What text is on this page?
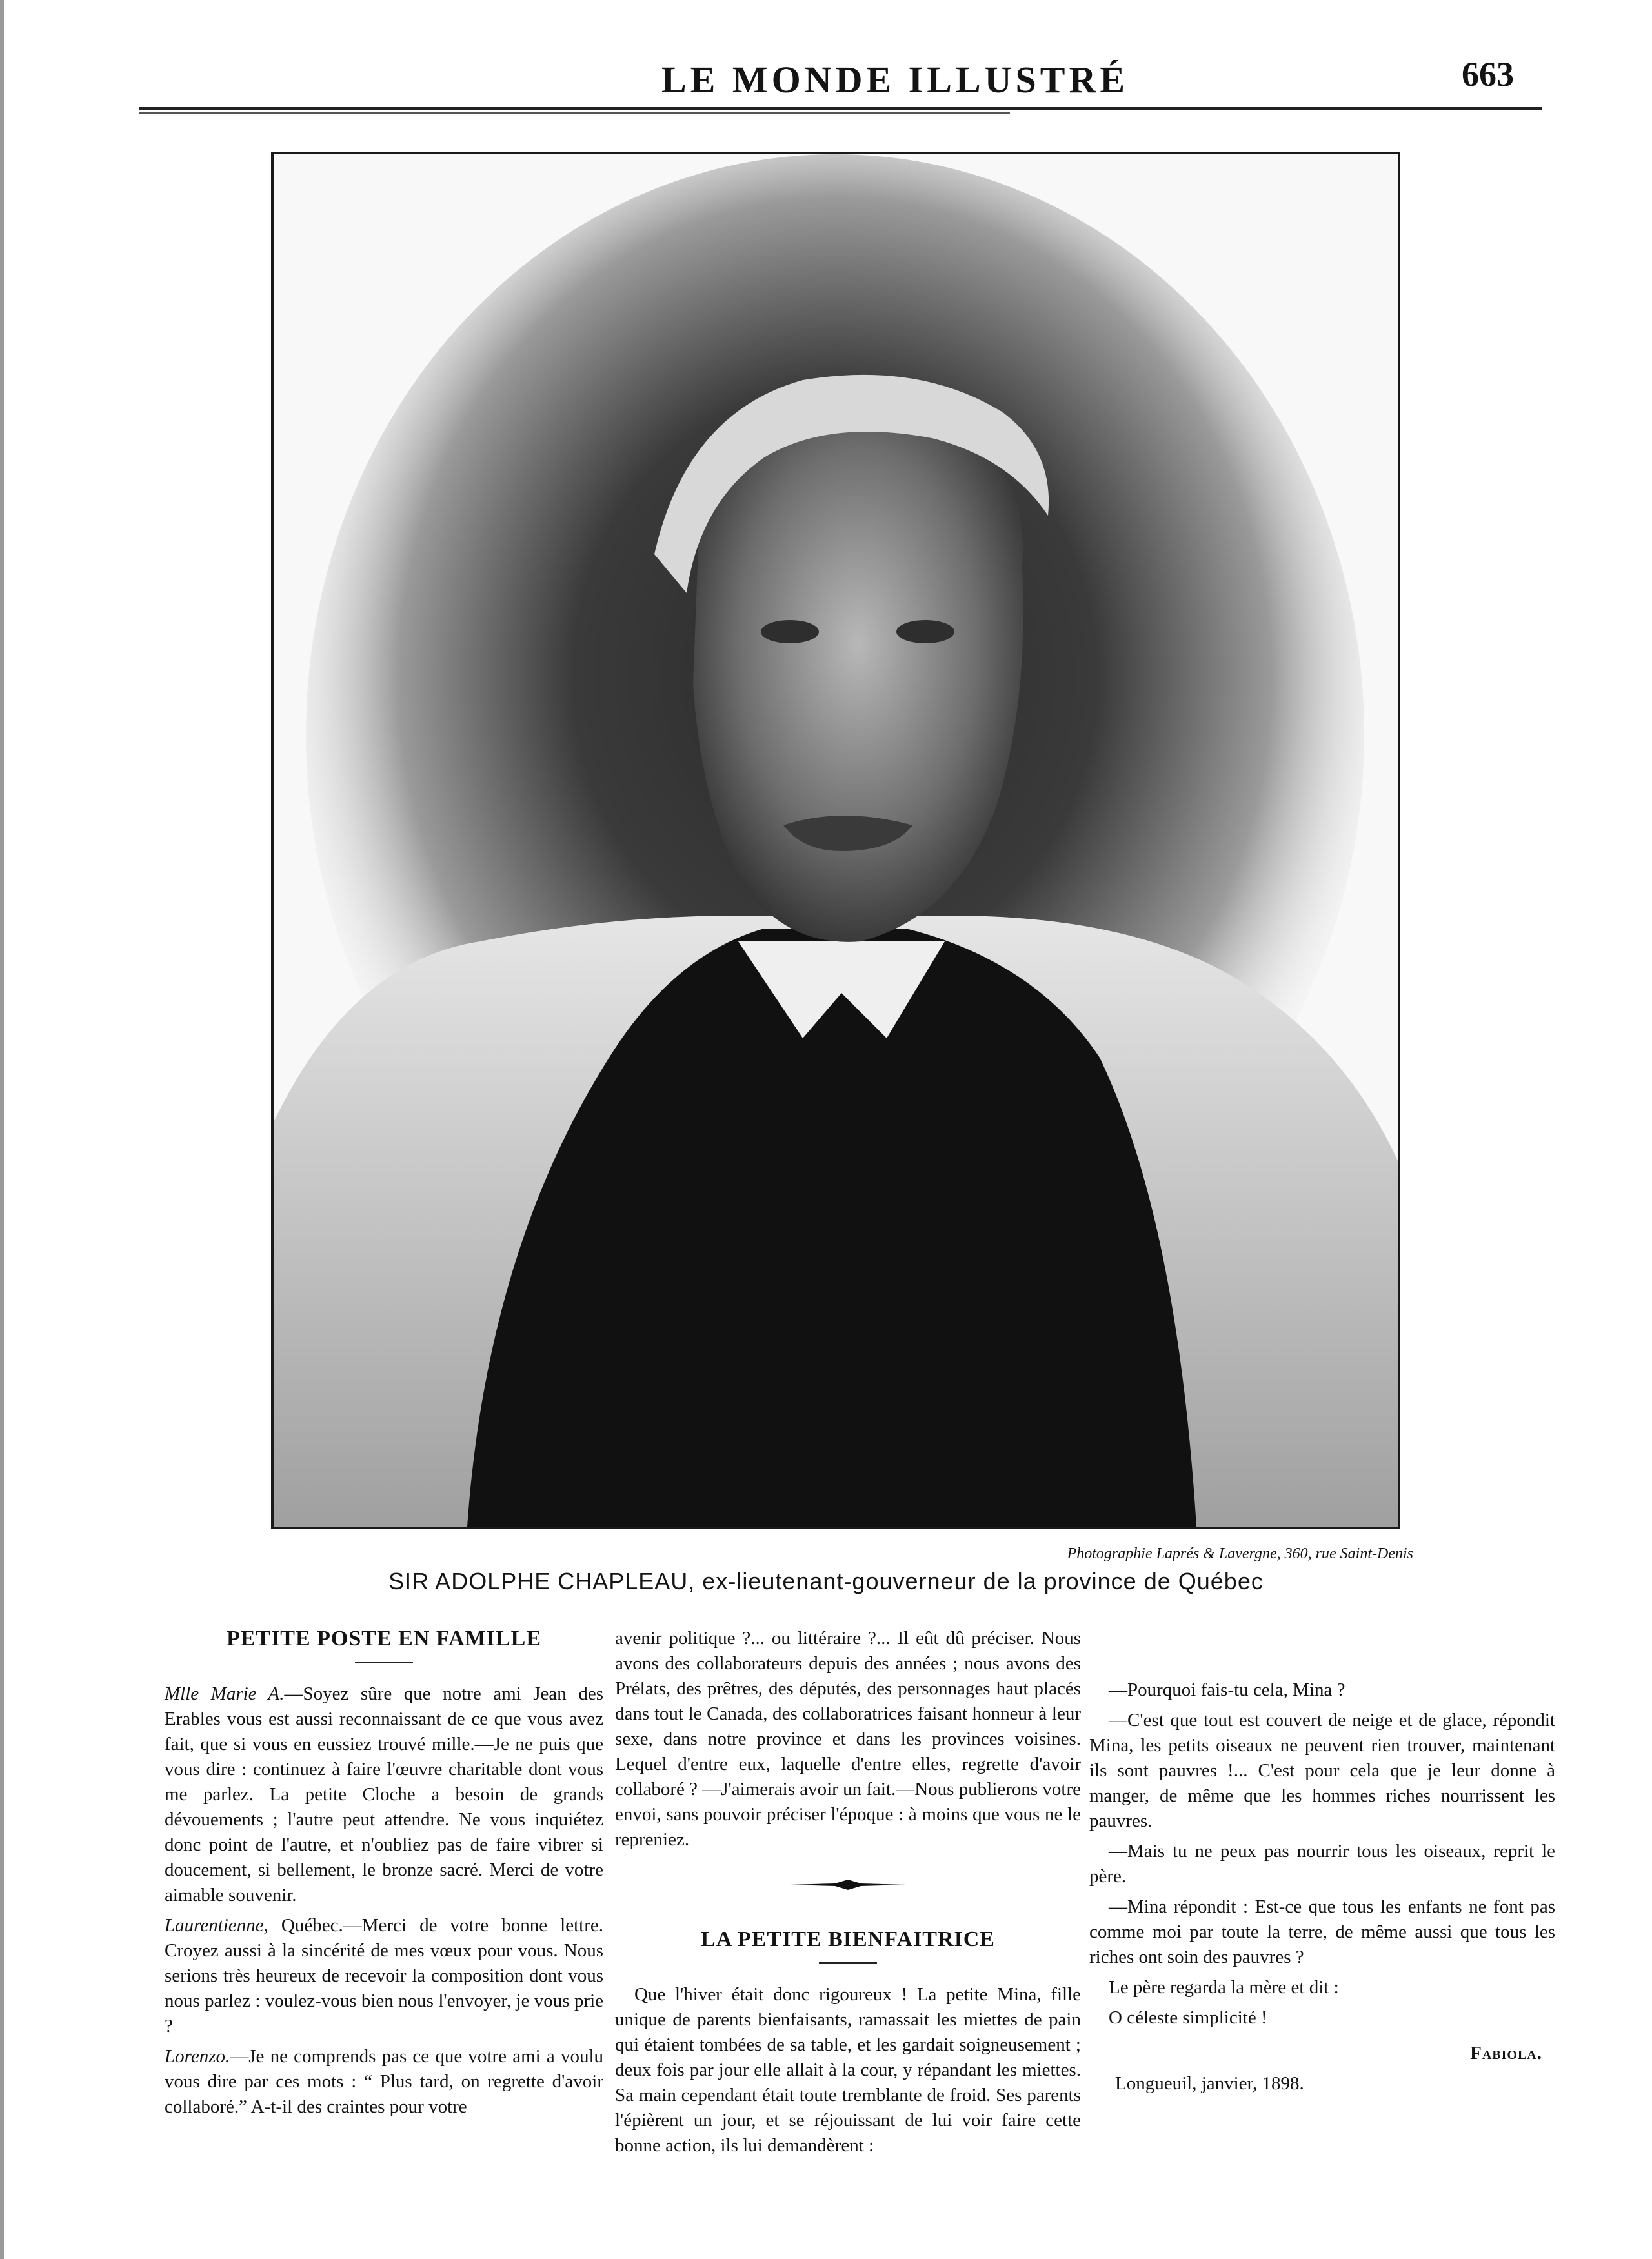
LE MONDE ILLUSTRÉ	663
Photographie Laprés & Lavergne, 360, rue Saint-Denis
SIR ADOLPHE CHAPLEAU, ex-lieutenant-gouverneur de la province de Québec
PETITE POSTE EN FAMILLE

Mlle Marie A.—Soyez sûre que notre ami Jean des Erables vous est aussi reconnaissant de ce que vous avez fait, que si vous en eussiez trouvé mille.—Je ne puis que vous dire : continuez à faire l'œuvre charitable dont vous me parlez. La petite Cloche a besoin de grands dévouements ; l'autre peut attendre. Ne vous inquiétez donc point de l'autre, et n'oubliez pas de faire vibrer si doucement, si bellement, le bronze sacré. Merci de votre aimable souvenir.

Laurentienne, Québec.—Merci de votre bonne lettre. Croyez aussi à la sincérité de mes vœux pour vous. Nous serions très heureux de recevoir la composition dont vous nous parlez : voulez-vous bien nous l'envoyer, je vous prie ?

Lorenzo.—Je ne comprends pas ce que votre ami a voulu vous dire par ces mots : “ Plus tard, on regrette d'avoir collaboré.” A-t-il des craintes pour votre

avenir politique ?... ou littéraire ?... Il eût dû préciser. Nous avons des collaborateurs depuis des années ; nous avons des Prélats, des prêtres, des députés, des personnages haut placés dans tout le Canada, des collaboratrices faisant honneur à leur sexe, dans notre province et dans les provinces voisines. Lequel d'entre eux, laquelle d'entre elles, regrette d'avoir collaboré ? —J'aimerais avoir un fait.—Nous publierons votre envoi, sans pouvoir préciser l'époque : à moins que vous ne le repreniez.

LA PETITE BIENFAITRICE

Que l'hiver était donc rigoureux ! La petite Mina, fille unique de parents bienfaisants, ramassait les miettes de pain qui étaient tombées de sa table, et les gardait soigneusement ; deux fois par jour elle allait à la cour, y répandant les miettes. Sa main cependant était toute tremblante de froid. Ses parents l'épièrent un jour, et se réjouissant de lui voir faire cette bonne action, ils lui demandèrent :

—Pourquoi fais-tu cela, Mina ?

—C'est que tout est couvert de neige et de glace, répondit Mina, les petits oiseaux ne peuvent rien trouver, maintenant ils sont pauvres !... C'est pour cela que je leur donne à manger, de même que les hommes riches nourrissent les pauvres.

—Mais tu ne peux pas nourrir tous les oiseaux, reprit le père.

—Mina répondit : Est-ce que tous les enfants ne font pas comme moi par toute la terre, de même aussi que tous les riches ont soin des pauvres ?

Le père regarda la mère et dit :

O céleste simplicité !

Fabiola.
Longueuil, janvier, 1898.
